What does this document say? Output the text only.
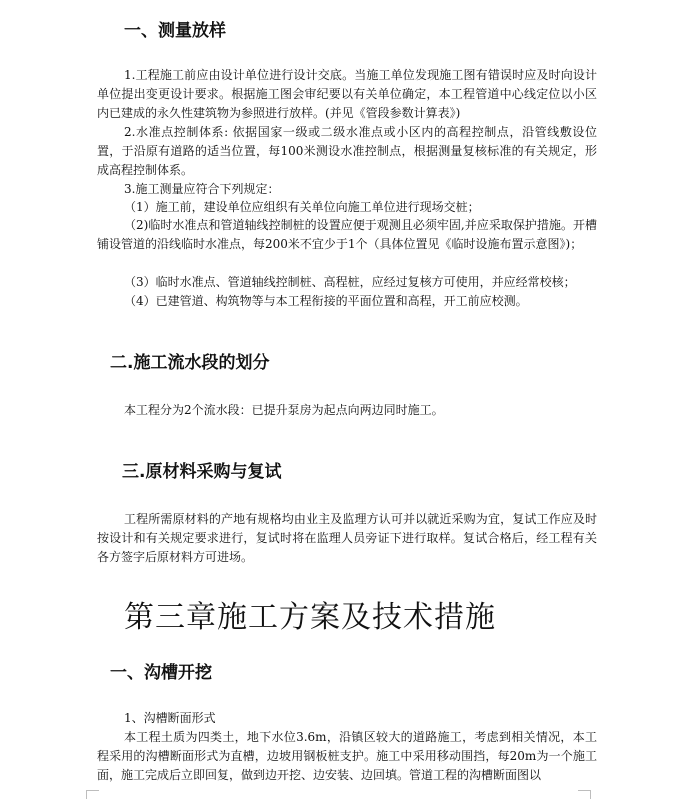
一、测量放样
1.工程施工前应由设计单位进行设计交底。当施工单位发现施工图有错误时应及时向设计单位提出变更设计要求。根据施工图会审纪要以有关单位确定，本工程管道中心线定位以小区内已建成的永久性建筑物为参照进行放样。(并见《管段参数计算表》)
2.水准点控制体系: 依据国家一级或二级水准点或小区内的高程控制点，沿管线敷设位置，于沿原有道路的适当位置，每100米测设水准控制点，根据测量复核标准的有关规定，形成高程控制体系。
3.施工测量应符合下列规定：
（1）施工前，建设单位应组织有关单位向施工单位进行现场交桩；
（2)临时水准点和管道轴线控制桩的设置应便于观测且必须牢固,并应采取保护措施。开槽铺设管道的沿线临时水准点，每200米不宜少于1个（具体位置见《临时设施布置示意图》)；
（3）临时水准点、管道轴线控制桩、高程桩，应经过复核方可使用，并应经常校核；
（4）已建管道、构筑物等与本工程衔接的平面位置和高程，开工前应校测。
二.施工流水段的划分
本工程分为2个流水段：已提升泵房为起点向两边同时施工。
三.原材料采购与复试
工程所需原材料的产地有规格均由业主及监理方认可并以就近采购为宜，复试工作应及时按设计和有关规定要求进行，复试时将在监理人员旁证下进行取样。复试合格后，经工程有关各方签字后原材料方可进场。
第三章施工方案及技术措施
一、沟槽开挖
1、沟槽断面形式
本工程土质为四类土，地下水位3.6m，沿镇区较大的道路施工，考虑到相关情况，本工程采用的沟槽断面形式为直槽，边坡用钢板桩支护。施工中采用移动围挡，每20m为一个施工面，施工完成后立即回复，做到边开挖、边安装、边回填。管道工程的沟槽断面图以
